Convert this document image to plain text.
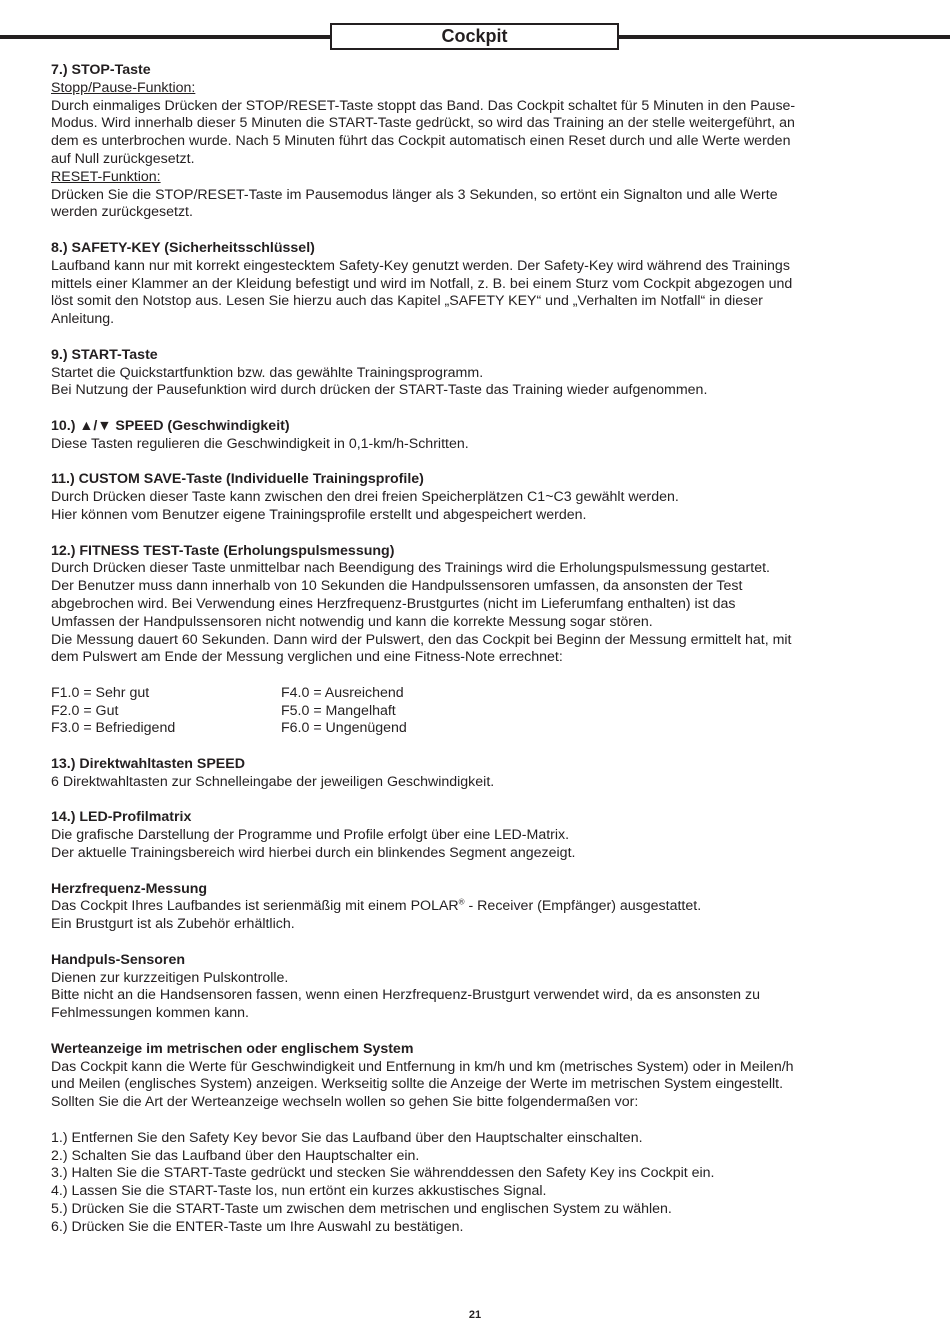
Cockpit
7.) STOP-Taste
Stopp/Pause-Funktion:
Durch einmaliges Drücken der STOP/RESET-Taste stoppt das Band. Das Cockpit schaltet für 5 Minuten in den Pause-
Modus. Wird innerhalb dieser 5 Minuten die START-Taste gedrückt, so wird das Training an der stelle weitergeführt, an
dem es unterbrochen wurde. Nach 5 Minuten führt das Cockpit automatisch einen Reset durch und alle Werte werden
auf Null zurückgesetzt.
RESET-Funktion:
Drücken Sie die STOP/RESET-Taste im Pausemodus länger als 3 Sekunden, so ertönt ein Signalton und alle Werte
werden zurückgesetzt.
8.) SAFETY-KEY (Sicherheitsschlüssel)
Laufband kann nur mit korrekt eingestecktem Safety-Key genutzt werden. Der Safety-Key wird während des Trainings
mittels einer Klammer an der Kleidung befestigt und wird im Notfall, z. B. bei einem Sturz vom Cockpit abgezogen und
löst somit den Notstop aus. Lesen Sie hierzu auch das Kapitel „SAFETY KEY“ und „Verhalten im Notfall“ in dieser
Anleitung.
9.) START-Taste
Startet die Quickstartfunktion bzw. das gewählte Trainingsprogramm.
Bei Nutzung der Pausefunktion wird durch drücken der START-Taste das Training wieder aufgenommen.
10.) ▲/▼ SPEED (Geschwindigkeit)
Diese Tasten regulieren die Geschwindigkeit in 0,1-km/h-Schritten.
11.) CUSTOM SAVE-Taste (Individuelle Trainingsprofile)
Durch Drücken dieser Taste kann zwischen den drei freien Speicherplätzen C1~C3 gewählt werden.
Hier können vom Benutzer eigene Trainingsprofile erstellt und abgespeichert werden.
12.) FITNESS TEST-Taste (Erholungspulsmessung)
Durch Drücken dieser Taste unmittelbar nach Beendigung des Trainings wird die Erholungspulsmessung gestartet.
Der Benutzer muss dann innerhalb von 10 Sekunden die Handpulssensoren umfassen, da ansonsten der Test
abgebrochen wird. Bei Verwendung eines Herzfrequenz-Brustgurtes (nicht im Lieferumfang enthalten) ist das
Umfassen der Handpulssensoren nicht notwendig und kann die korrekte Messung sogar stören.
Die Messung dauert 60 Sekunden. Dann wird der Pulswert, den das Cockpit bei Beginn der Messung ermittelt hat, mit
dem Pulswert am Ende der Messung verglichen und eine Fitness-Note errechnet:
F1.0 = Sehr gut	F4.0 = Ausreichend
F2.0 = Gut	F5.0 = Mangelhaft
F3.0 = Befriedigend	F6.0 = Ungenügend
13.) Direktwahltasten SPEED
6 Direktwahltasten zur Schnelleingabe der jeweiligen Geschwindigkeit.
14.) LED-Profilmatrix
Die grafische Darstellung der Programme und Profile erfolgt über eine LED-Matrix.
Der aktuelle Trainingsbereich wird hierbei durch ein blinkendes Segment angezeigt.
Herzfrequenz-Messung
Das Cockpit Ihres Laufbandes ist serienmäßig mit einem POLAR® - Receiver (Empfänger) ausgestattet.
Ein Brustgurt ist als Zubehör erhältlich.
Handpuls-Sensoren
Dienen zur kurzzeitigen Pulskontrolle.
Bitte nicht an die Handsensoren fassen, wenn einen Herzfrequenz-Brustgurt verwendet wird, da es ansonsten zu
Fehlmessungen kommen kann.
Werteanzeige im metrischen oder englischem System
Das Cockpit kann die Werte für Geschwindigkeit und Entfernung in km/h und km (metrisches System) oder in Meilen/h
und Meilen (englisches System) anzeigen. Werkseitig sollte die Anzeige der Werte im metrischen System eingestellt.
Sollten Sie die Art der Werteanzeige wechseln wollen so gehen Sie bitte folgendermaßen vor:
1.) Entfernen Sie den Safety Key bevor Sie das Laufband über den Hauptschalter einschalten.
2.) Schalten Sie das Laufband über den Hauptschalter ein.
3.) Halten Sie die START-Taste gedrückt und stecken Sie währenddessen den Safety Key ins Cockpit ein.
4.) Lassen Sie die START-Taste los, nun ertönt ein kurzes akkustisches Signal.
5.) Drücken Sie die START-Taste um zwischen dem metrischen und englischen System zu wählen.
6.) Drücken Sie die ENTER-Taste um Ihre Auswahl zu bestätigen.
21
